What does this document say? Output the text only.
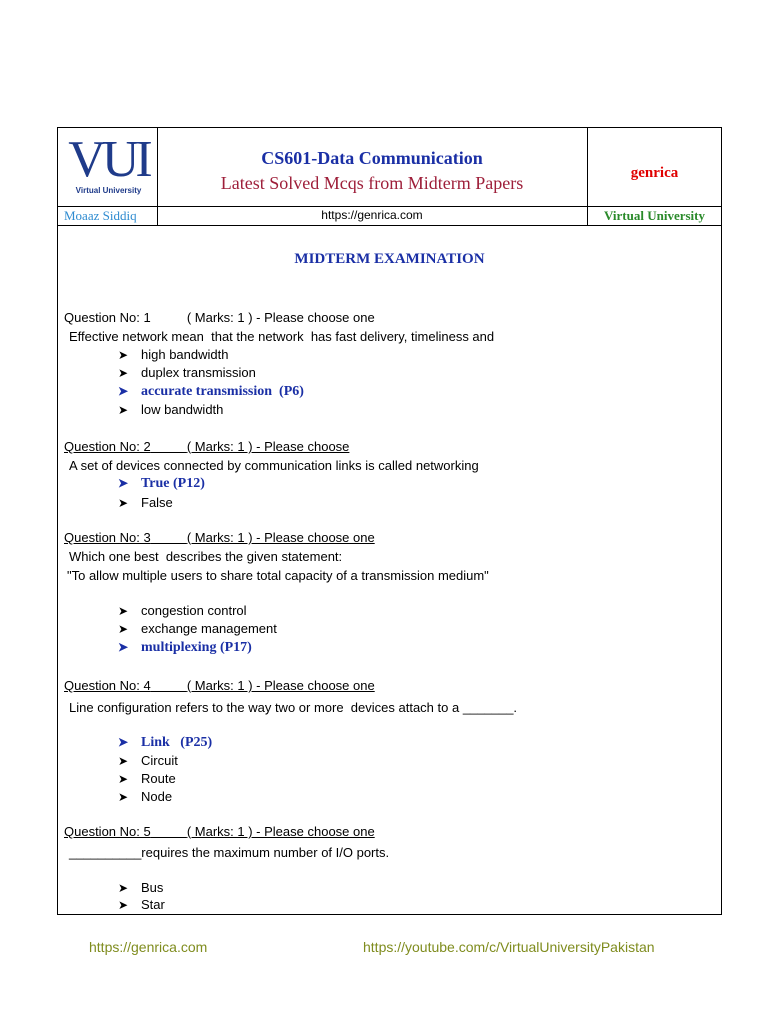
VUI
Virtual University
CS601-Data Communication
Latest Solved Mcqs from Midterm Papers	genrica
Moaaz Siddiq	https://genrica.com	Virtual University
MIDTERM EXAMINATION
Question No: 1	( Marks: 1 ) - Please choose one
Effective network mean  that the network  has fast delivery, timeliness and
➤ high bandwidth
➤ duplex transmission
➤ accurate transmission  (P6)
➤ low bandwidth
Question No: 2	( Marks: 1 ) - Please choose
A set of devices connected by communication links is called networking
➤ True (P12)
➤ False
Question No: 3	( Marks: 1 ) - Please choose one
Which one best  describes the given statement:
"To allow multiple users to share total capacity of a transmission medium"
➤ congestion control
➤ exchange management
➤ multiplexing (P17)
Question No: 4	( Marks: 1 ) - Please choose one
Line configuration refers to the way two or more  devices attach to a _______.
➤ Link   (P25)
➤ Circuit
➤ Route
➤ Node
Question No: 5	( Marks: 1 ) - Please choose one
__________requires the maximum number of I/O ports.
➤ Bus
➤ Star
https://genrica.com	https://youtube.com/c/VirtualUniversityPakistan
